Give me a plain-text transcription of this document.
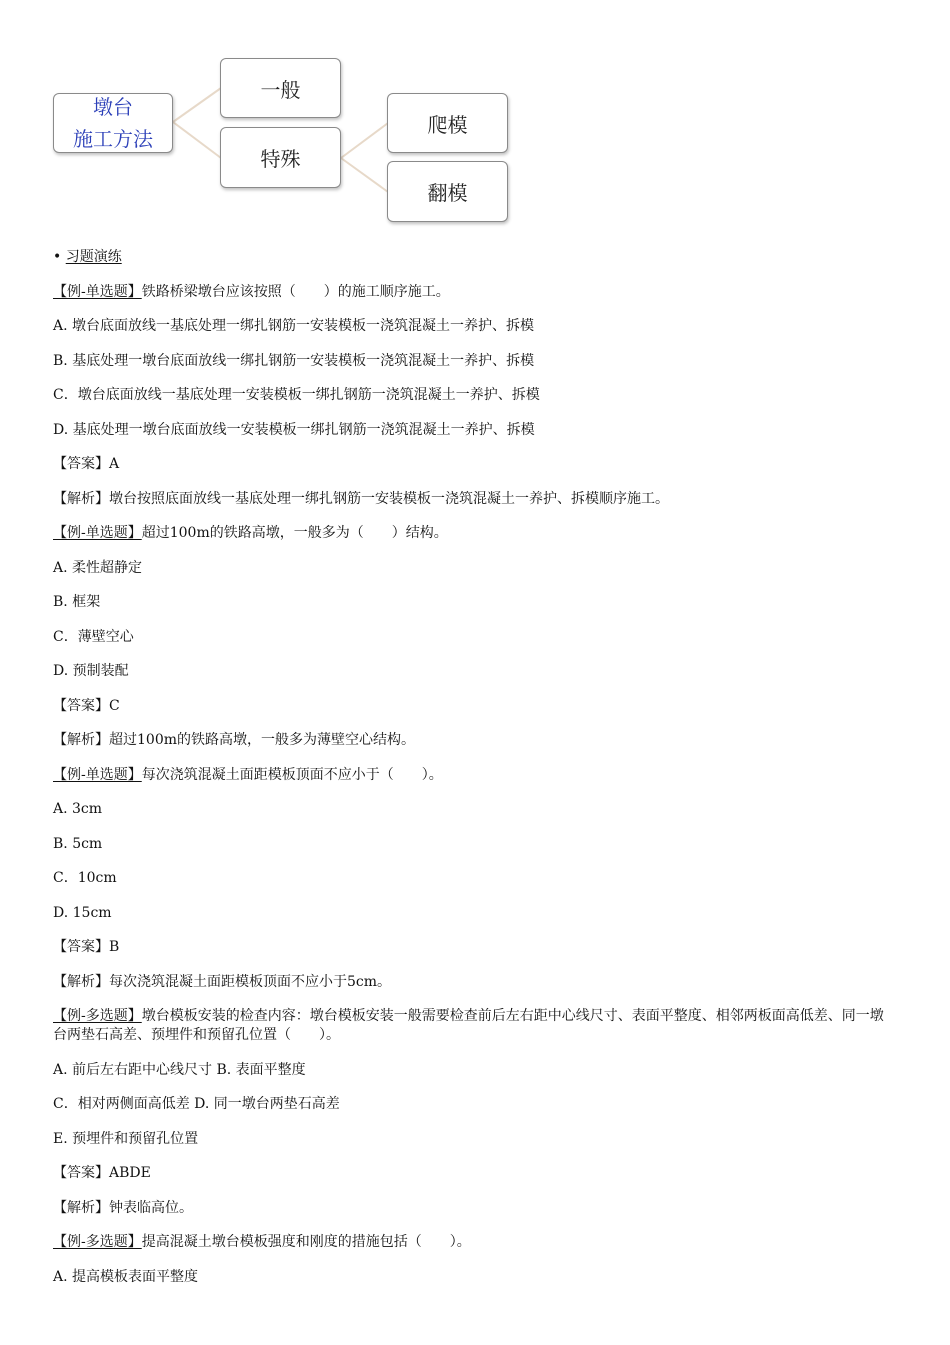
墩台
施工方法
一般
特殊
爬模
翻模
• 习题演练
【例-单选题】铁路桥梁墩台应该按照（　　）的施工顺序施工。
A. 墩台底面放线一基底处理一绑扎钢筋一安装模板一浇筑混凝土一养护、拆模
B. 基底处理一墩台底面放线一绑扎钢筋一安装模板一浇筑混凝土一养护、拆模
C．墩台底面放线一基底处理一安装模板一绑扎钢筋一浇筑混凝土一养护、拆模
D. 基底处理一墩台底面放线一安装模板一绑扎钢筋一浇筑混凝土一养护、拆模
【答案】A
【解析】墩台按照底面放线一基底处理一绑扎钢筋一安装模板一浇筑混凝土一养护、拆模顺序施工。
【例-单选题】超过100m的铁路高墩，一般多为（　　）结构。
A. 柔性超静定
B. 框架
C．薄壁空心
D. 预制装配
【答案】C
【解析】超过100m的铁路高墩，一般多为薄壁空心结构。
【例-单选题】每次浇筑混凝土面距模板顶面不应小于（　　）。
A. 3cm
B. 5cm
C．10cm
D. 15cm
【答案】B
【解析】每次浇筑混凝土面距模板顶面不应小于5cm。
【例-多选题】墩台模板安装的检查内容：墩台模板安装一般需要检查前后左右距中心线尺寸、表面平整度、相邻两板面高低差、同一墩台两垫石高差、预埋件和预留孔位置（　　）。
A. 前后左右距中心线尺寸 B. 表面平整度
C．相对两侧面高低差 D. 同一墩台两垫石高差
E. 预埋件和预留孔位置
【答案】ABDE
【解析】钟表临高位。
【例-多选题】提高混凝土墩台模板强度和刚度的措施包括（　　）。
A. 提高模板表面平整度
